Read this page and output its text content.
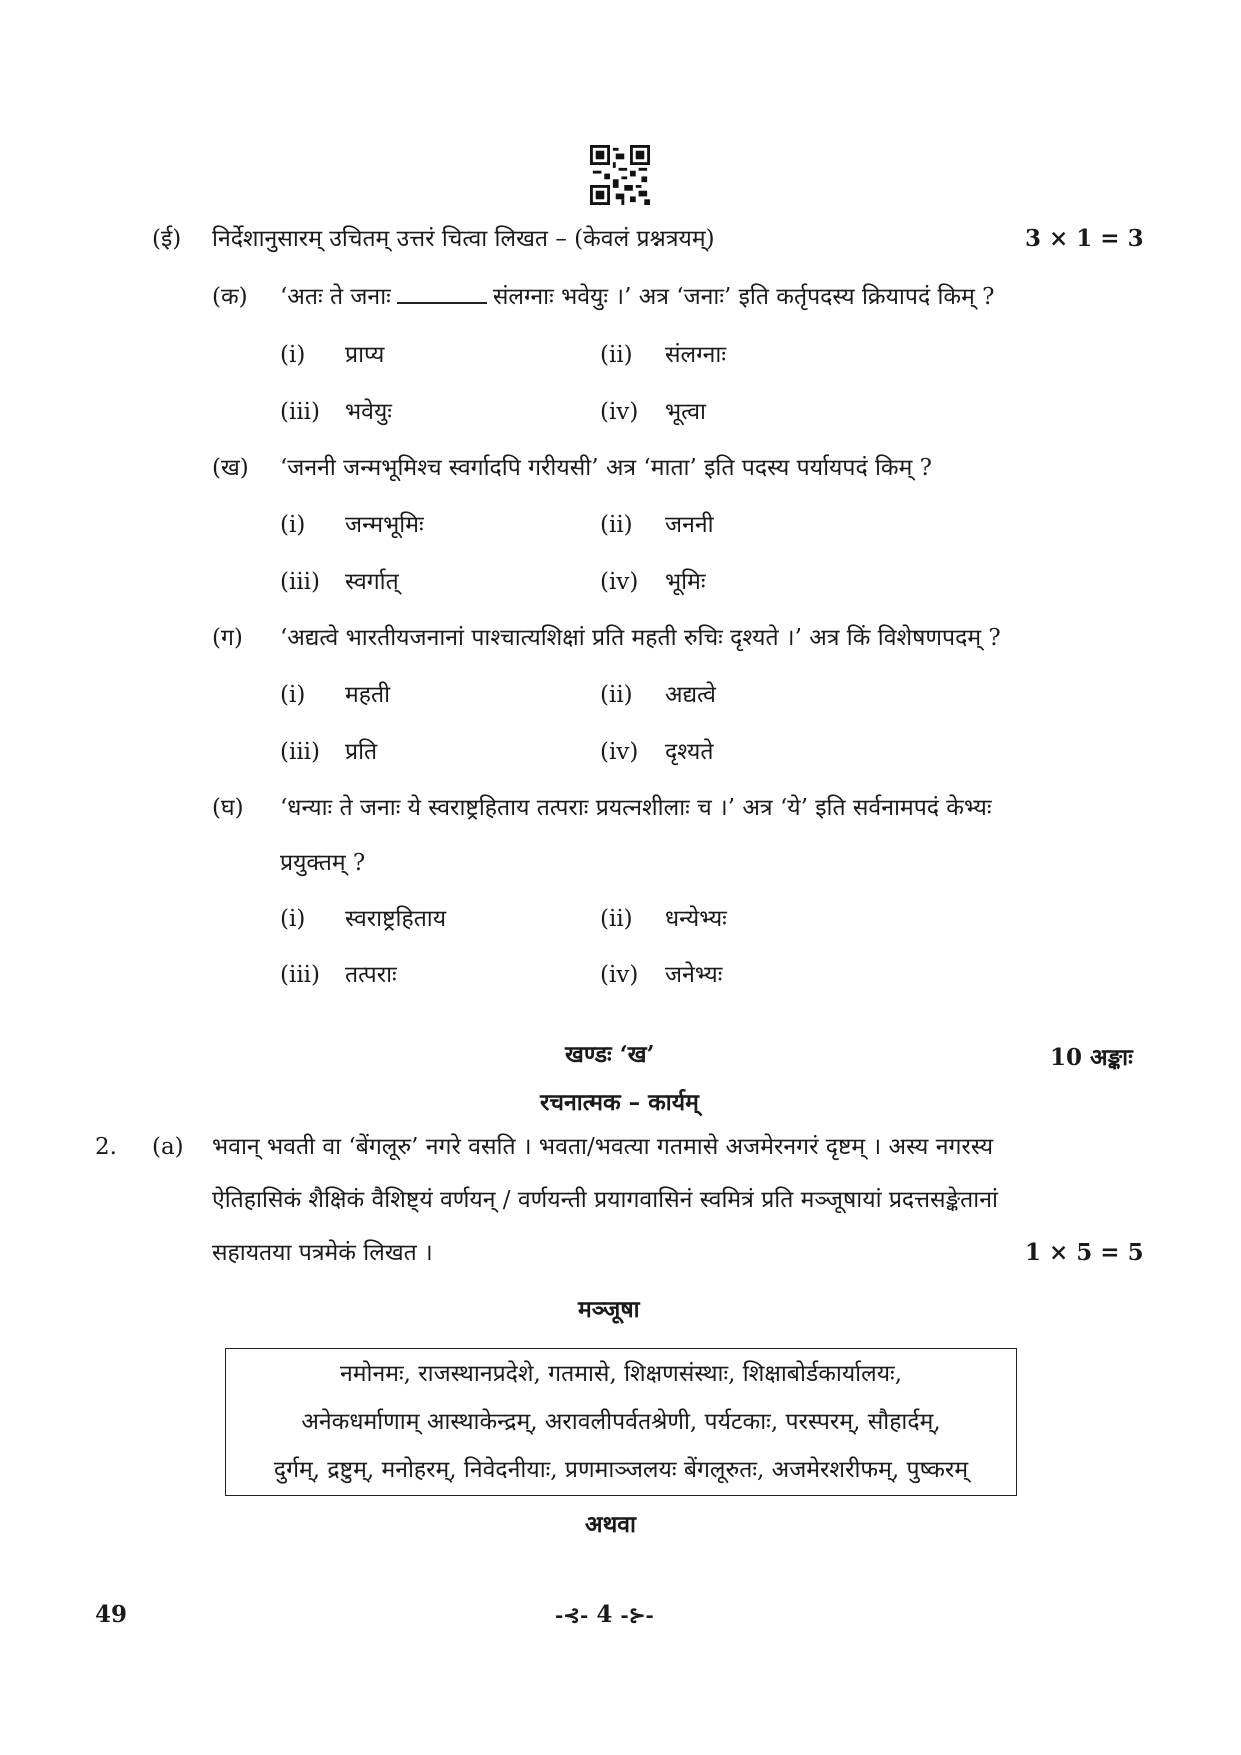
(ई) निर्देशानुसारम् उचितम् उत्तरं चित्वा लिखत – (केवलं प्रश्नत्रयम्)	3 × 1 = 3
(क) ‘अतः ते जनाः	संलग्नाः भवेयुः ।’ अत्र ‘जनाः’ इति कर्तृपदस्य क्रियापदं किम् ?
(i) प्राप्य	(ii) संलग्नाः
(iii) भवेयुः	(iv) भूत्वा
(ख) ‘जननी जन्मभूमिश्च स्वर्गादपि गरीयसी’ अत्र ‘माता’ इति पदस्य पर्यायपदं किम् ?
(i) जन्मभूमिः	(ii) जननी
(iii) स्वर्गात्	(iv) भूमिः
(ग) ‘अद्यत्वे भारतीयजनानां पाश्चात्यशिक्षां प्रति महती रुचिः दृश्यते ।’ अत्र किं विशेषणपदम् ?
(i) महती	(ii) अद्यत्वे
(iii) प्रति	(iv) दृश्यते
(घ) ‘धन्याः ते जनाः ये स्वराष्ट्रहिताय तत्पराः प्रयत्नशीलाः च ।’ अत्र ‘ये’ इति सर्वनामपदं केभ्यः
प्रयुक्तम् ?
(i) स्वराष्ट्रहिताय	(ii) धन्येभ्यः
(iii) तत्पराः	(iv) जनेभ्यः
खण्डः ‘ख’	10 अङ्काः
रचनात्मक – कार्यम्
2. (a) भवान् भवती वा ‘बेंगलूरु’ नगरे वसति । भवता/भवत्या गतमासे अजमेरनगरं दृष्टम् । अस्य नगरस्य
ऐतिहासिकं शैक्षिकं वैशिष्ट्यं वर्णयन् / वर्णयन्ती प्रयागवासिनं स्वमित्रं प्रति मञ्जूषायां प्रदत्तसङ्केतानां
सहायतया पत्रमेकं लिखत ।	1 × 5 = 5
मञ्जूषा
नमोनमः, राजस्थानप्रदेशे, गतमासे, शिक्षणसंस्थाः, शिक्षाबोर्डकार्यालयः,
अनेकधर्माणाम् आस्थाकेन्द्रम्, अरावलीपर्वतश्रेणी, पर्यटकाः, परस्परम्, सौहार्दम्,
दुर्गम्, द्रष्टुम्, मनोहरम्, निवेदनीयाः, प्रणमाञ्जलयः बेंगलूरुतः, अजमेरशरीफम्, पुष्करम्
अथवा
49	-⊰- 4 -⊱-
